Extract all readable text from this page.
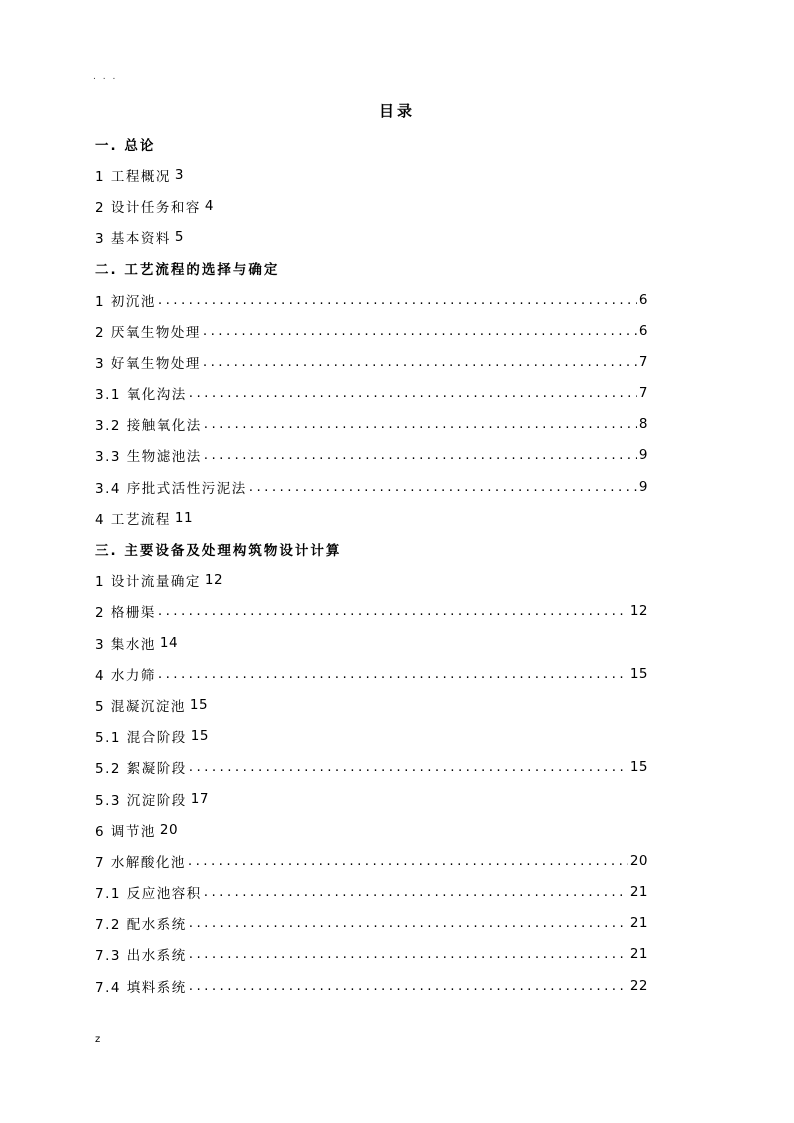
. . .
目录
一. 总论
1 工程概况 3
2 设计任务和容 4
3 基本资料 5
二. 工艺流程的选择与确定
1 初沉池 .....	6
2 厌氧生物处理 .....	6
3 好氧生物处理 .....	7
3.1 氧化沟法 .....	7
3.2 接触氧化法 .....	8
3.3 生物滤池法 .....	9
3.4 序批式活性污泥法 .....	9
4 工艺流程 11
三. 主要设备及处理构筑物设计计算
1 设计流量确定 12
2 格栅渠 .....	12
3 集水池 14
4 水力筛 .....	15
5 混凝沉淀池 15
5.1 混合阶段 15
5.2 絮凝阶段 .....	15
5.3 沉淀阶段 17
6 调节池 20
7 水解酸化池 .....	20
7.1 反应池容积 .....	21
7.2 配水系统 .....	21
7.3 出水系统 .....	21
7.4 填料系统 .....	22
z
